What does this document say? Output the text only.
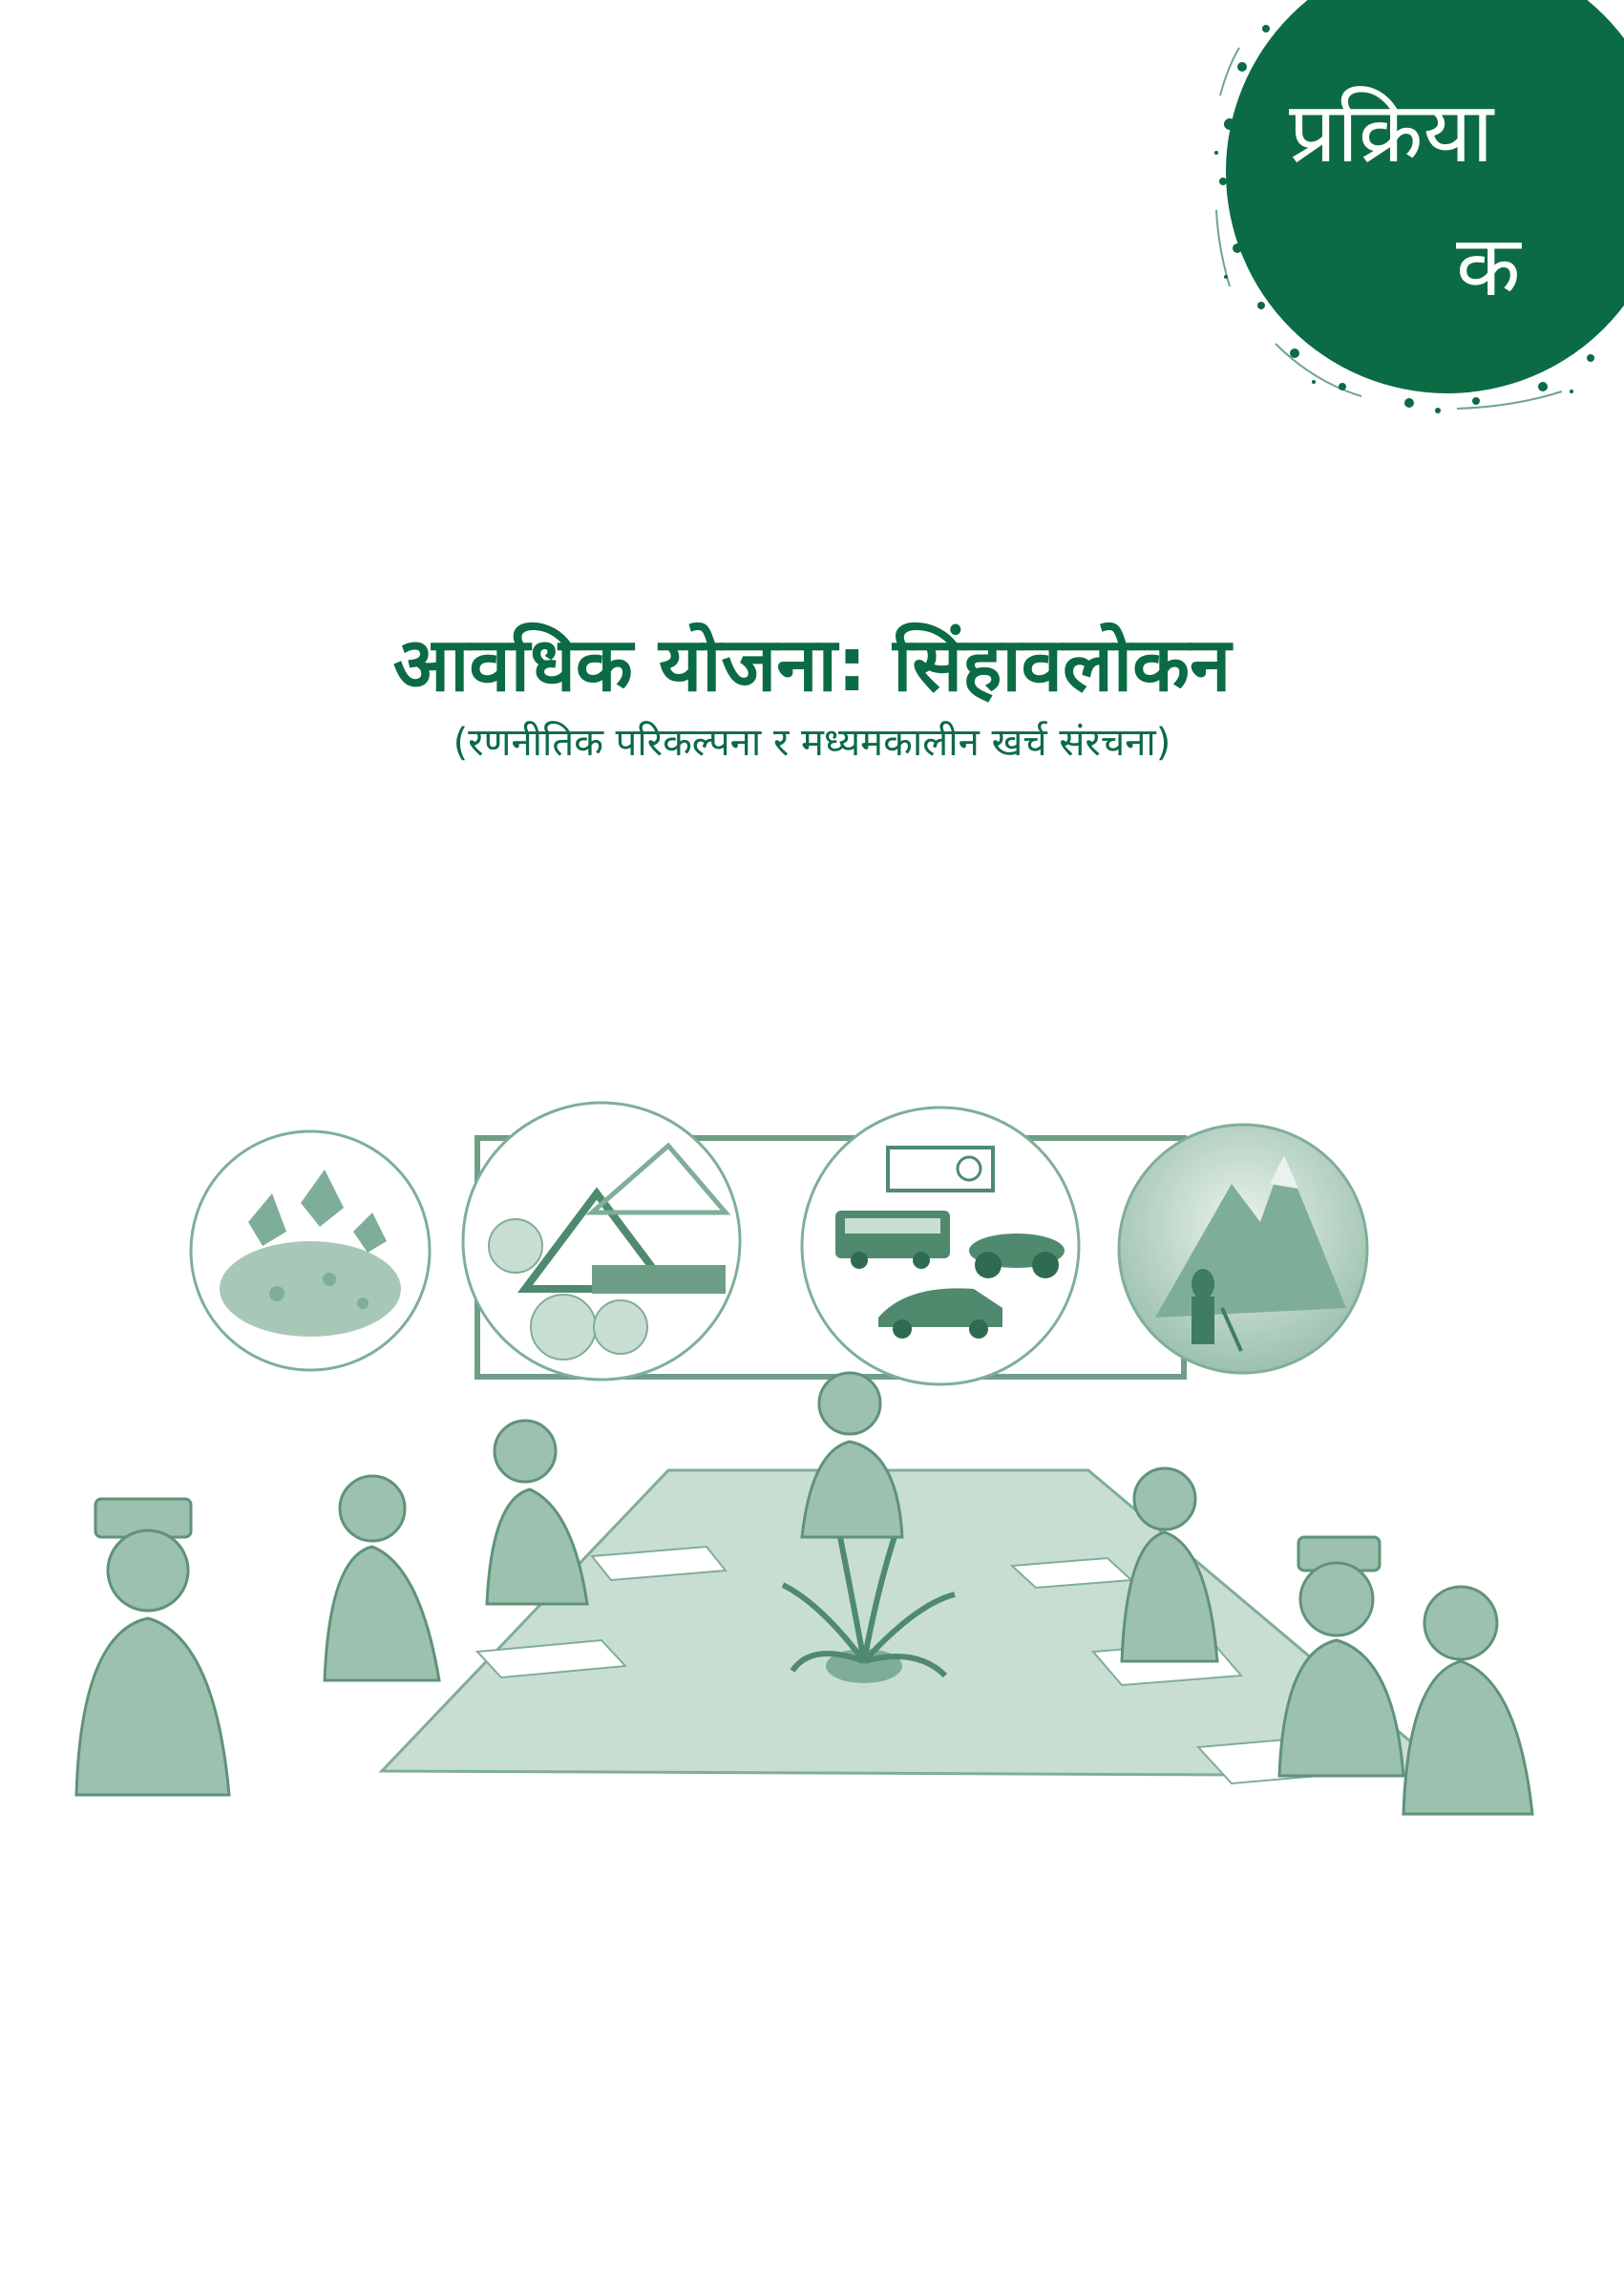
प्रक्रिया
क
आवधिक योजना: सिंहावलोकन
(रणनीतिक परिकल्पना र मध्यमकालीन खर्च संरचना)
